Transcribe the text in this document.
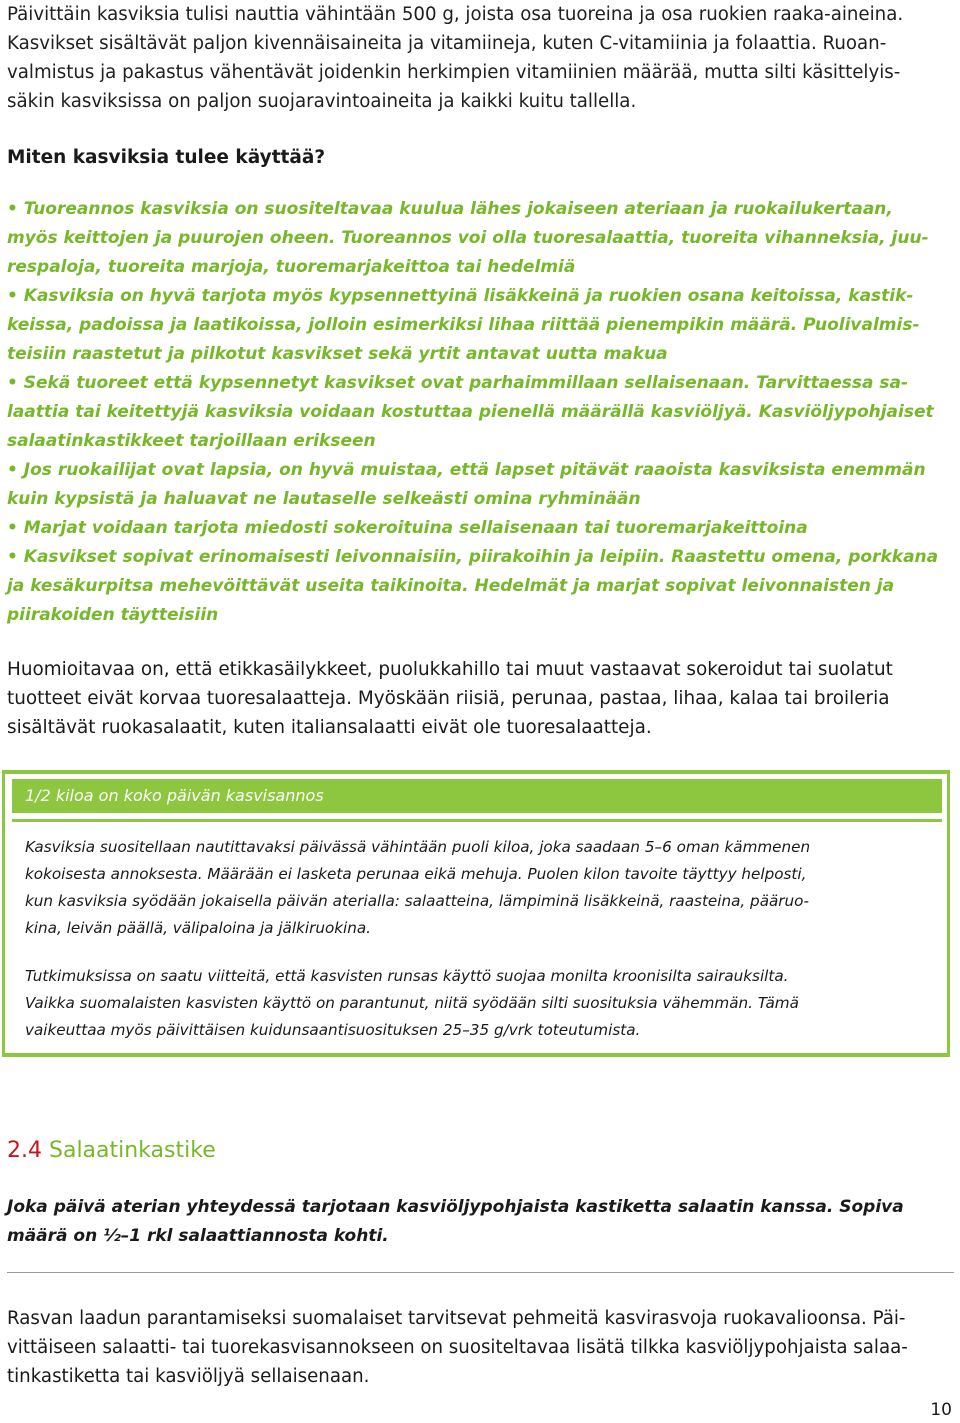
Päivittäin kasviksia tulisi nauttia vähintään 500 g, joista osa tuoreina ja osa ruokien raaka-aineina.

Kasvikset sisältävät paljon kivennäisaineita ja vitamiineja, kuten C-vitamiinia ja folaattia. Ruoan-

valmistus ja pakastus vähentävät joidenkin herkimpien vitamiinien määrää, mutta silti käsittelyis-

säkin kasviksissa on paljon suojaravintoaineita ja kaikki kuitu tallella.

Miten kasviksia tulee käyttää?

• Tuoreannos kasviksia on suositeltavaa kuulua lähes jokaiseen ateriaan ja ruokailukertaan,

myös keittojen ja puurojen oheen. Tuoreannos voi olla tuoresalaattia, tuoreita vihanneksia, juu-

respaloja, tuoreita marjoja, tuoremarjakeittoa tai hedelmiä

• Kasviksia on hyvä tarjota myös kypsennettyinä lisäkkeinä ja ruokien osana keitoissa, kastik-

keissa, padoissa ja laatikoissa, jolloin esimerkiksi lihaa riittää pienempikin määrä. Puolivalmis-

teisiin raastetut ja pilkotut kasvikset sekä yrtit antavat uutta makua

• Sekä tuoreet että kypsennetyt kasvikset ovat parhaimmillaan sellaisenaan. Tarvittaessa sa-

laattia tai keitettyjä kasviksia voidaan kostuttaa pienellä määrällä kasviöljyä. Kasviöljypohjaiset

salaatinkastikkeet tarjoillaan erikseen

• Jos ruokailijat ovat lapsia, on hyvä muistaa, että lapset pitävät raaoista kasviksista enemmän

kuin kypsistä ja haluavat ne lautaselle selkeästi omina ryhminään

• Marjat voidaan tarjota miedosti sokeroituina sellaisenaan tai tuoremarjakeittoina

• Kasvikset sopivat erinomaisesti leivonnaisiin, piirakoihin ja leipiin. Raastettu omena, porkkana

ja kesäkurpitsa mehevöittävät useita taikinoita. Hedelmät ja marjat sopivat leivonnaisten ja

piirakoiden täytteisiin

Huomioitavaa on, että etikkasäilykkeet, puolukkahillo tai muut vastaavat sokeroidut tai suolatut

tuotteet eivät korvaa tuoresalaatteja. Myöskään riisiä, perunaa, pastaa, lihaa, kalaa tai broileria

sisältävät ruokasalaatit, kuten italiansalaatti eivät ole tuoresalaatteja.

1/2 kiloa on koko päivän kasvisannos

Kasviksia suositellaan nautittavaksi päivässä vähintään puoli kiloa, joka saadaan 5–6 oman kämmenen

kokoisesta annoksesta. Määrään ei lasketa perunaa eikä mehuja. Puolen kilon tavoite täyttyy helposti,

kun kasviksia syödään jokaisella päivän aterialla: salaatteina, lämpiminä lisäkkeinä, raasteina, pääruo-

kina, leivän päällä, välipaloina ja jälkiruokina.

Tutkimuksissa on saatu viitteitä, että kasvisten runsas käyttö suojaa monilta kroonisilta sairauksilta.

Vaikka suomalaisten kasvisten käyttö on parantunut, niitä syödään silti suosituksia vähemmän. Tämä

vaikeuttaa myös päivittäisen kuidunsaantisuosituksen 25–35 g/vrk toteutumista.

2.4 Salaatinkastike

Joka päivä aterian yhteydessä tarjotaan kasviöljypohjaista kastiketta salaatin kanssa. Sopiva

määrä on ½–1 rkl salaattiannosta kohti.

Rasvan laadun parantamiseksi suomalaiset tarvitsevat pehmeitä kasvirasvoja ruokavalioonsa. Päi-

vittäiseen salaatti- tai tuorekasvisannokseen on suositeltavaa lisätä tilkka kasviöljypohjaista salaa-

tinkastiketta tai kasviöljyä sellaisenaan.

10
